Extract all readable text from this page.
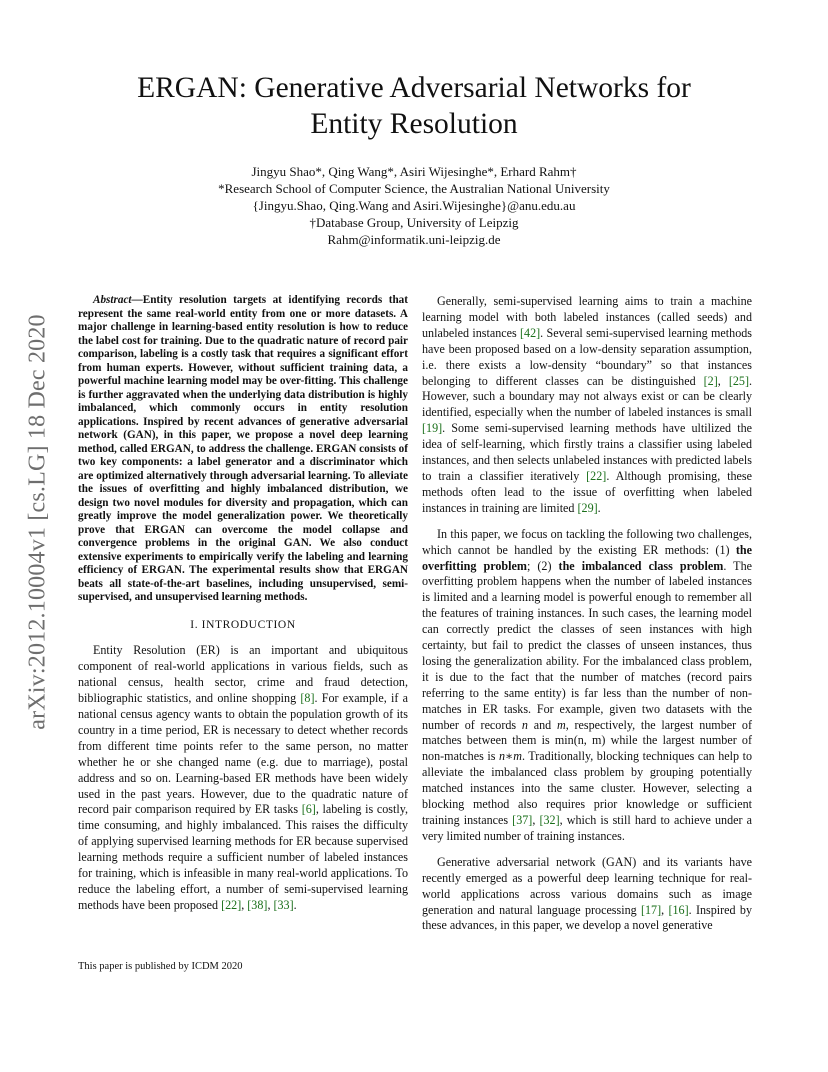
arXiv:2012.10004v1 [cs.LG] 18 Dec 2020
ERGAN: Generative Adversarial Networks for
Entity Resolution
Jingyu Shao*, Qing Wang*, Asiri Wijesinghe*, Erhard Rahm†
*Research School of Computer Science, the Australian National University
{Jingyu.Shao, Qing.Wang and Asiri.Wijesinghe}@anu.edu.au
†Database Group, University of Leipzig
Rahm@informatik.uni-leipzig.de

Abstract—Entity resolution targets at identifying records that represent the same real-world entity from one or more datasets. A major challenge in learning-based entity resolution is how to reduce the label cost for training. Due to the quadratic nature of record pair comparison, labeling is a costly task that requires a significant effort from human experts. However, without sufficient training data, a powerful machine learning model may be over-fitting. This challenge is further aggravated when the underlying data distribution is highly imbalanced, which commonly occurs in entity resolution applications. Inspired by recent advances of generative adversarial network (GAN), in this paper, we propose a novel deep learning method, called ERGAN, to address the challenge. ERGAN consists of two key components: a label generator and a discriminator which are optimized alternatively through adversarial learning. To alleviate the issues of overfitting and highly imbalanced distribution, we design two novel modules for diversity and propagation, which can greatly improve the model generalization power. We theoretically prove that ERGAN can overcome the model collapse and convergence problems in the original GAN. We also conduct extensive experiments to empirically verify the labeling and learning efficiency of ERGAN. The experimental results show that ERGAN beats all state-of-the-art baselines, including unsupervised, semi-supervised, and unsupervised learning methods.

I. INTRODUCTION

Entity Resolution (ER) is an important and ubiquitous component of real-world applications in various fields, such as national census, health sector, crime and fraud detection, bibliographic statistics, and online shopping [8]. For example, if a national census agency wants to obtain the population growth of its country in a time period, ER is necessary to detect whether records from different time points refer to the same person, no matter whether he or she changed name (e.g. due to marriage), postal address and so on. Learning-based ER methods have been widely used in the past years. However, due to the quadratic nature of record pair comparison required by ER tasks [6], labeling is costly, time consuming, and highly imbalanced. This raises the difficulty of applying supervised learning methods for ER because supervised learning methods require a sufficient number of labeled instances for training, which is infeasible in many real-world applications. To reduce the labeling effort, a number of semi-supervised learning methods have been proposed [22], [38], [33].

Generally, semi-supervised learning aims to train a machine learning model with both labeled instances (called seeds) and unlabeled instances [42]. Several semi-supervised learning methods have been proposed based on a low-density separation assumption, i.e. there exists a low-density “boundary” so that instances belonging to different classes can be distinguished [2], [25]. However, such a boundary may not always exist or can be clearly identified, especially when the number of labeled instances is small [19]. Some semi-supervised learning methods have ultilized the idea of self-learning, which firstly trains a classifier using labeled instances, and then selects unlabeled instances with predicted labels to train a classifier iteratively [22]. Although promising, these methods often lead to the issue of overfitting when labeled instances in training are limited [29].

In this paper, we focus on tackling the following two challenges, which cannot be handled by the existing ER methods: (1) the overfitting problem; (2) the imbalanced class problem. The overfitting problem happens when the number of labeled instances is limited and a learning model is powerful enough to remember all the features of training instances. In such cases, the learning model can correctly predict the classes of seen instances with high certainty, but fail to predict the classes of unseen instances, thus losing the generalization ability. For the imbalanced class problem, it is due to the fact that the number of matches (record pairs referring to the same entity) is far less than the number of non-matches in ER tasks. For example, given two datasets with the number of records n and m, respectively, the largest number of matches between them is min(n, m) while the largest number of non-matches is n∗m. Traditionally, blocking techniques can help to alleviate the imbalanced class problem by grouping potentially matched instances into the same cluster. However, selecting a blocking method also requires prior knowledge or sufficient training instances [37], [32], which is still hard to achieve under a very limited number of training instances.

Generative adversarial network (GAN) and its variants have recently emerged as a powerful deep learning technique for real-world applications across various domains such as image generation and natural language processing [17], [16]. Inspired by these advances, in this paper, we develop a novel generative

This paper is published by ICDM 2020
